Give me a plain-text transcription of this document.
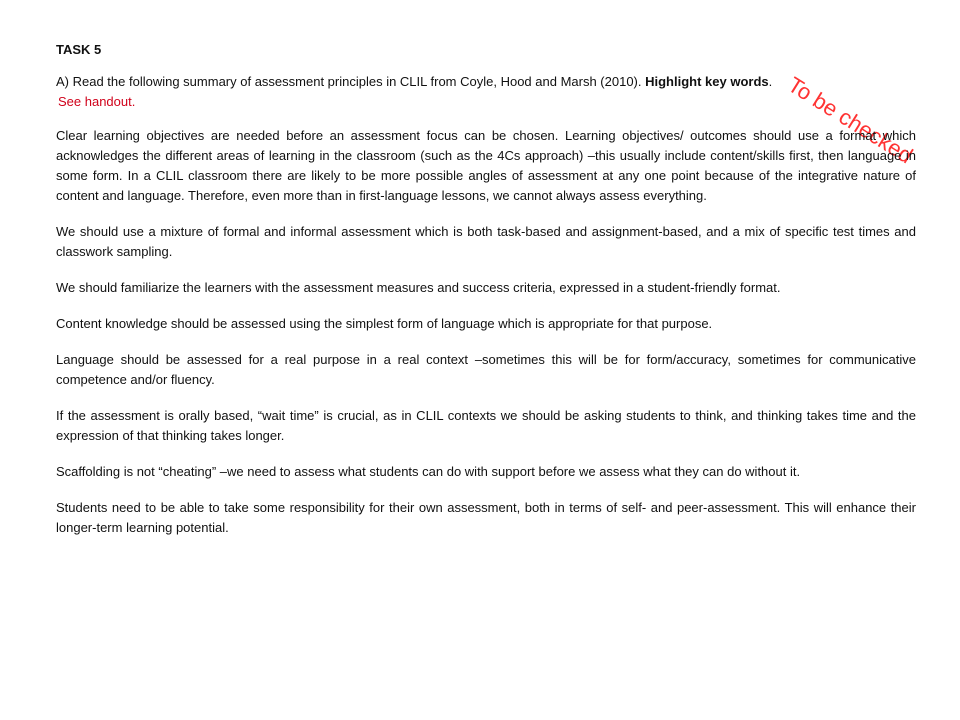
To be checked
TASK 5

A) Read the following summary of assessment principles in CLIL from Coyle, Hood and Marsh (2010). Highlight key words.

See handout.

Clear learning objectives are needed before an assessment focus can be chosen. Learning objectives/ outcomes should use a format which acknowledges the different areas of learning in the classroom (such as the 4Cs approach) –this usually include content/skills first, then language in some form. In a CLIL classroom there are likely to be more possible angles of assessment at any one point because of the integrative nature of content and language. Therefore, even more than in first-language lessons, we cannot always assess everything.

We should use a mixture of formal and informal assessment which is both task-based and assignment-based, and a mix of specific test times and classwork sampling.

We should familiarize the learners with the assessment measures and success criteria, expressed in a student-friendly format.

Content knowledge should be assessed using the simplest form of language which is appropriate for that purpose.

Language should be assessed for a real purpose in a real context –sometimes this will be for form/accuracy, sometimes for communicative competence and/or fluency.

If the assessment is orally based, “wait time” is crucial, as in CLIL contexts we should be asking students to think, and thinking takes time and the expression of that thinking takes longer.

Scaffolding is not “cheating” –we need to assess what students can do with support before we assess what they can do without it.

Students need to be able to take some responsibility for their own assessment, both in terms of self- and peer-assessment. This will enhance their longer-term learning potential.
